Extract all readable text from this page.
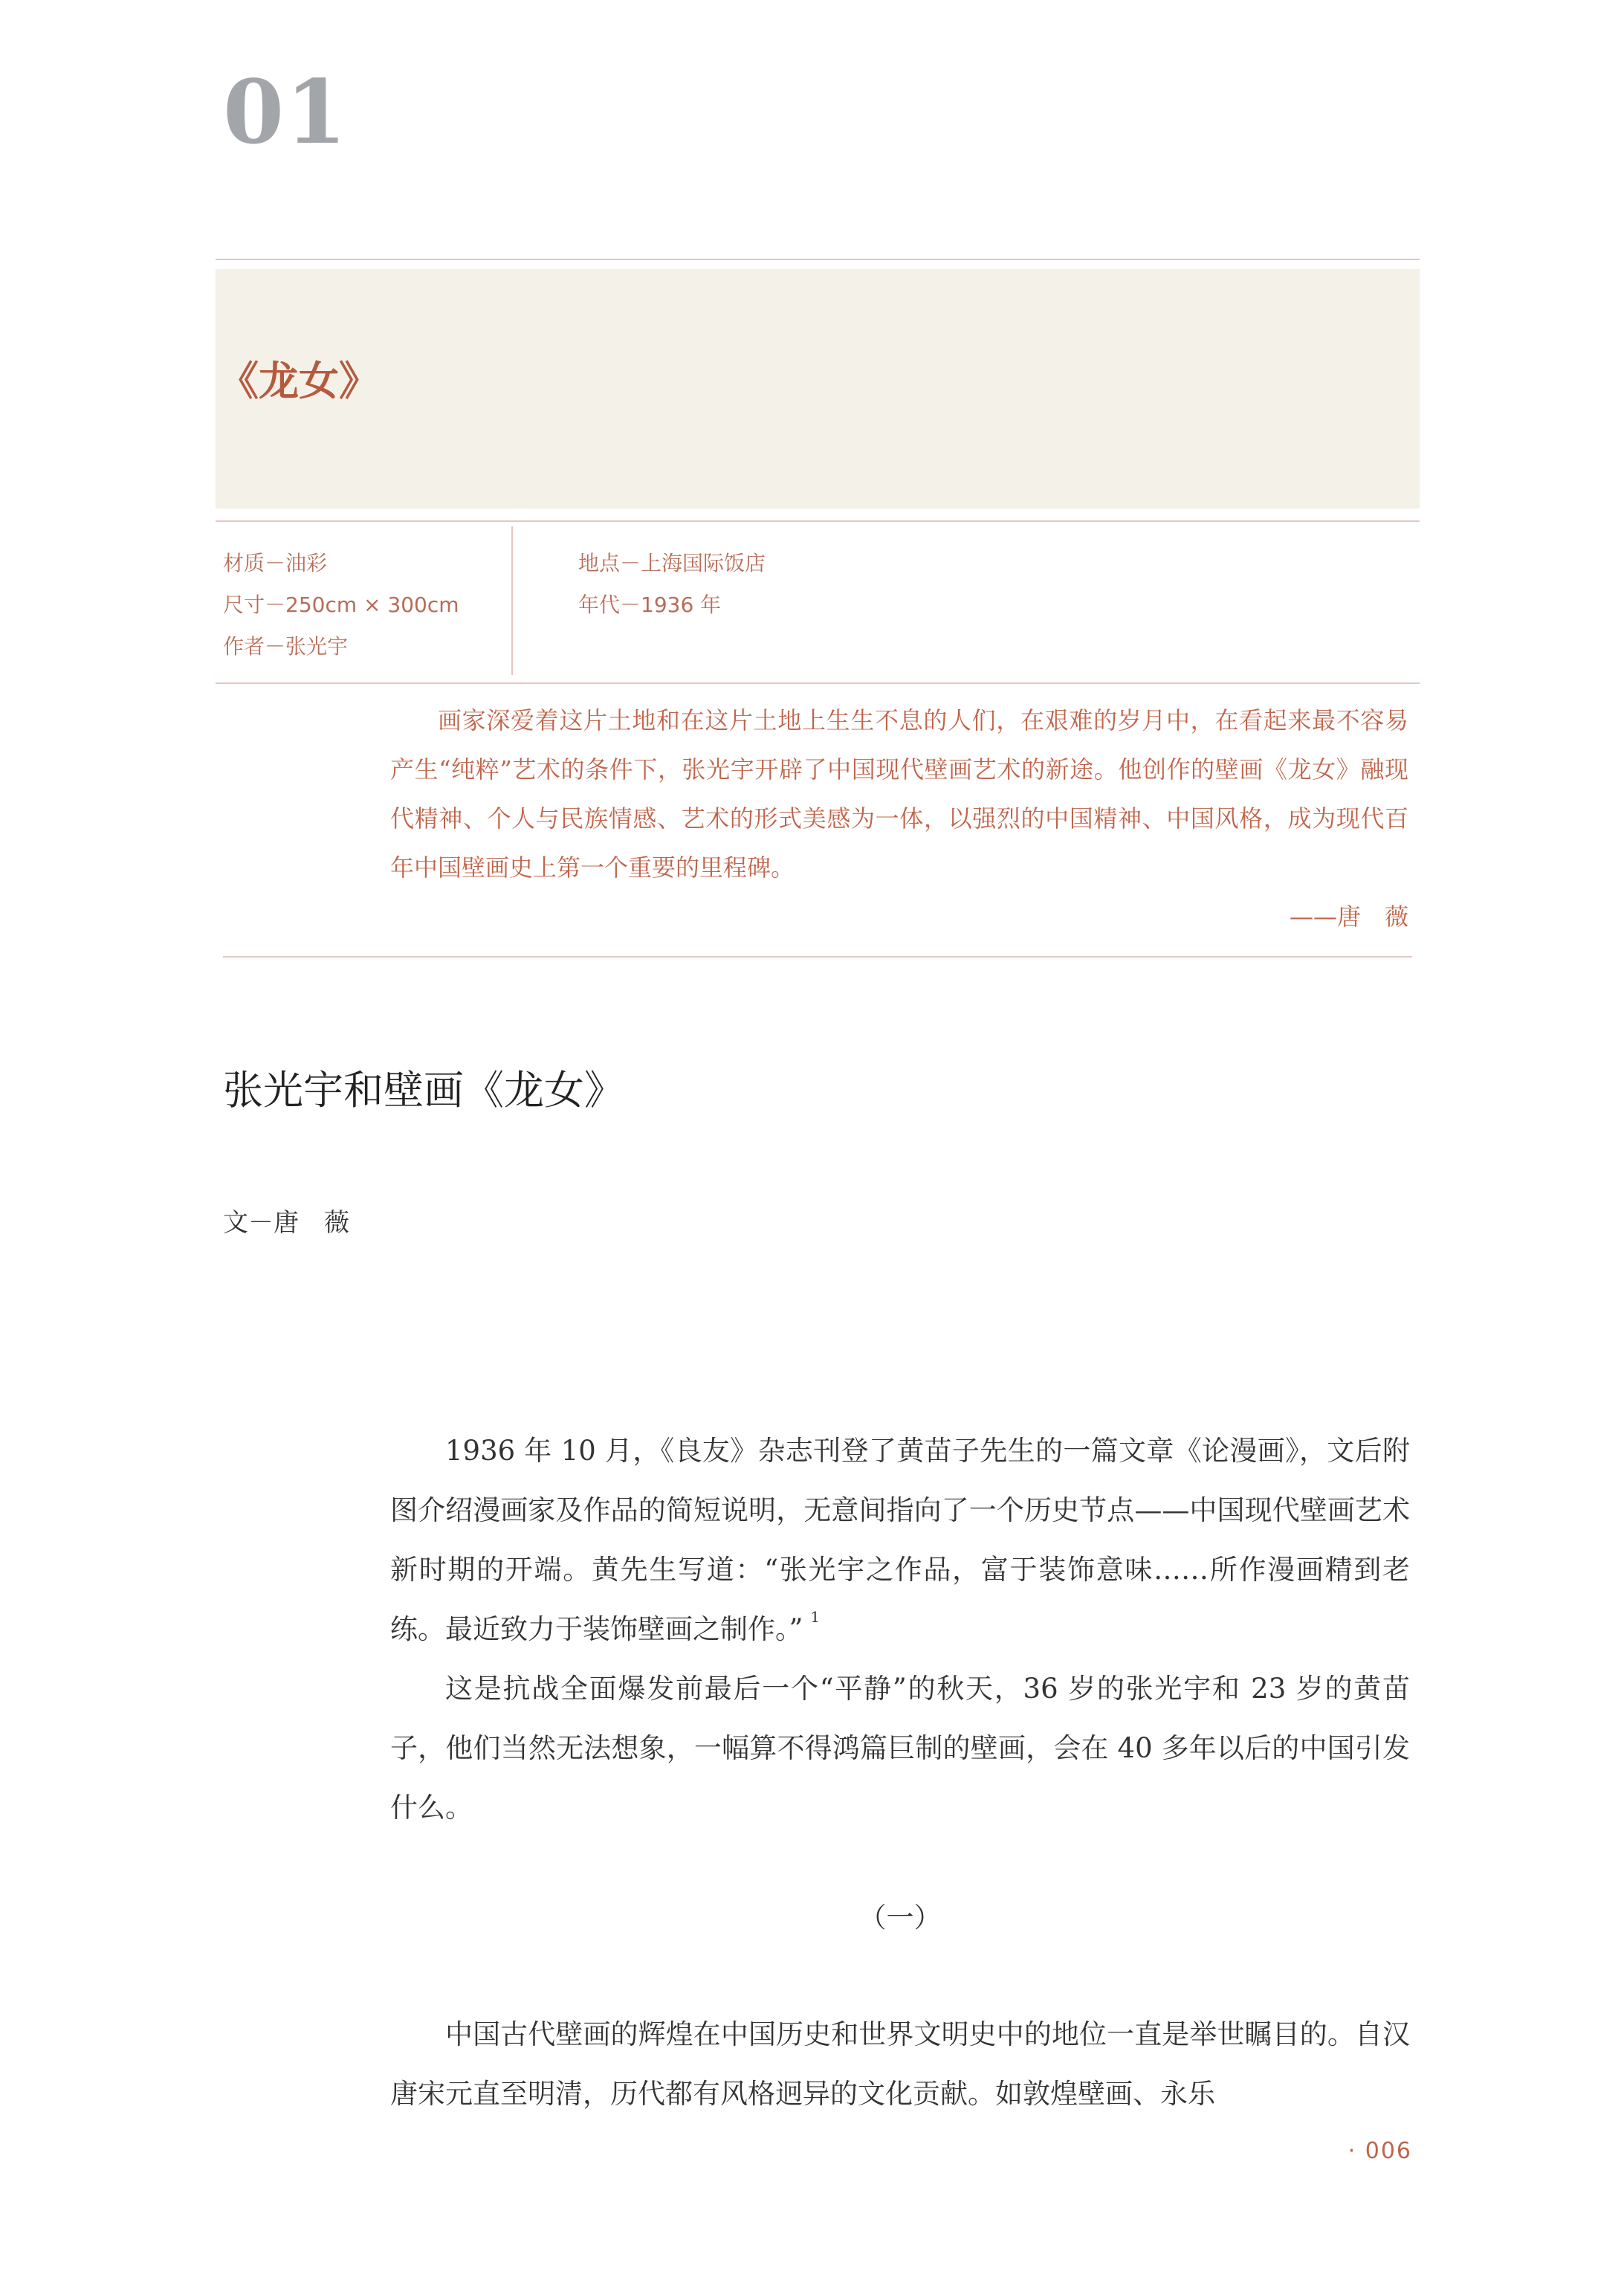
01
《龙女》
材质－油彩
尺寸－250cm × 300cm
作者－张光宇
地点－上海国际饭店
年代－1936 年

画家深爱着这片土地和在这片土地上生生不息的人们，在艰难的岁月中，在看起来最不容易产生“纯粹”艺术的条件下，张光宇开辟了中国现代壁画艺术的新途。他创作的壁画《龙女》融现代精神、个人与民族情感、艺术的形式美感为一体，以强烈的中国精神、中国风格，成为现代百年中国壁画史上第一个重要的里程碑。

——唐　薇
张光宇和壁画《龙女》
文－唐　薇

1936 年 10 月，《良友》杂志刊登了黄苗子先生的一篇文章《论漫画》，文后附图介绍漫画家及作品的简短说明，无意间指向了一个历史节点——中国现代壁画艺术新时期的开端。黄先生写道：“张光宇之作品，富于装饰意味……所作漫画精到老练。最近致力于装饰壁画之制作。” $^1$

这是抗战全面爆发前最后一个“平静”的秋天，36 岁的张光宇和 23 岁的黄苗子，他们当然无法想象，一幅算不得鸿篇巨制的壁画，会在 40 多年以后的中国引发什么。

（一）

中国古代壁画的辉煌在中国历史和世界文明史中的地位一直是举世瞩目的。自汉唐宋元直至明清，历代都有风格迥异的文化贡献。如敦煌壁画、永乐

· 006
